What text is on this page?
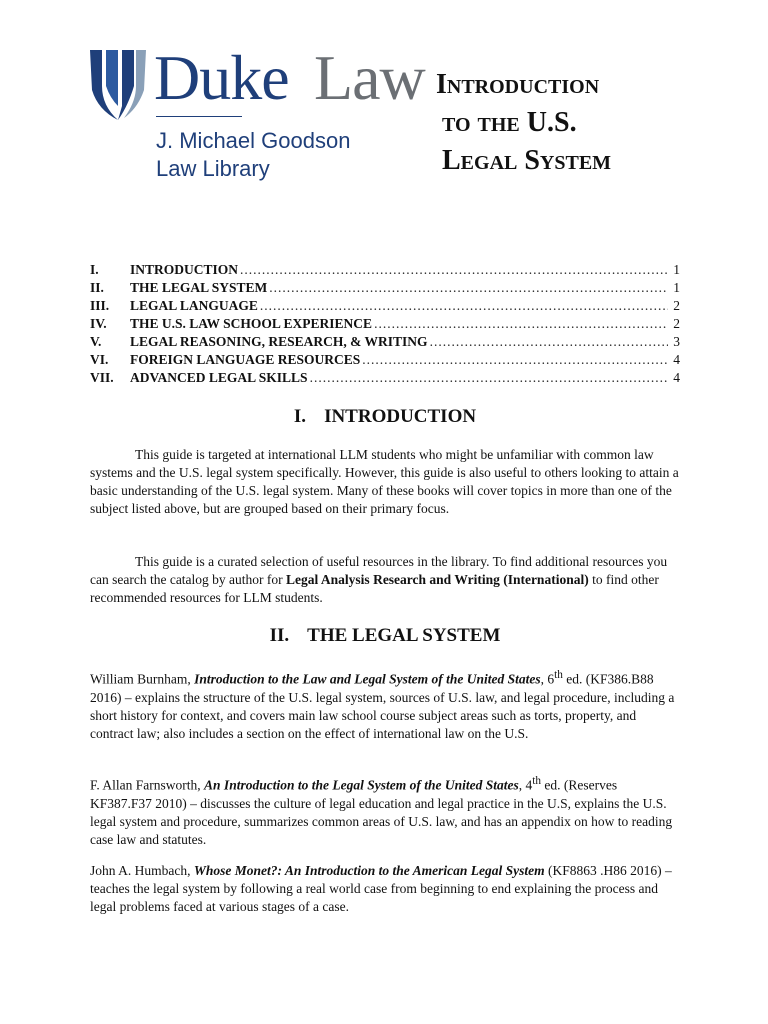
Duke Law
J. Michael Goodson
Law Library
Introduction
to the U.S.
Legal System
I.	INTRODUCTION .....	1
II.	THE LEGAL SYSTEM .....	1
III.	LEGAL LANGUAGE .....	2
IV.	THE U.S. LAW SCHOOL EXPERIENCE .....	2
V.	LEGAL REASONING, RESEARCH, & WRITING .....	3
VI.	FOREIGN LANGUAGE RESOURCES .....	4
VII.	ADVANCED LEGAL SKILLS .....	4
I. INTRODUCTION

This guide is targeted at international LLM students who might be unfamiliar with common law systems and the U.S. legal system specifically. However, this guide is also useful to others looking to attain a basic understanding of the U.S. legal system. Many of these books will cover topics in more than one of the subject listed above, but are grouped based on their primary focus.

This guide is a curated selection of useful resources in the library. To find additional resources you can search the catalog by author for Legal Analysis Research and Writing (International) to find other recommended resources for LLM students.

II. THE LEGAL SYSTEM

William Burnham, Introduction to the Law and Legal System of the United States, 6th ed. (KF386.B88 2016) – explains the structure of the U.S. legal system, sources of U.S. law, and legal procedure, including a short history for context, and covers main law school course subject areas such as torts, property, and contract law; also includes a section on the effect of international law on the U.S.

F. Allan Farnsworth, An Introduction to the Legal System of the United States, 4th ed. (Reserves KF387.F37 2010) – discusses the culture of legal education and legal practice in the U.S, explains the U.S. legal system and procedure, summarizes common areas of U.S. law, and has an appendix on how to reading case law and statutes.

John A. Humbach, Whose Monet?: An Introduction to the American Legal System (KF8863 .H86 2016) – teaches the legal system by following a real world case from beginning to end explaining the process and legal problems faced at various stages of a case.
